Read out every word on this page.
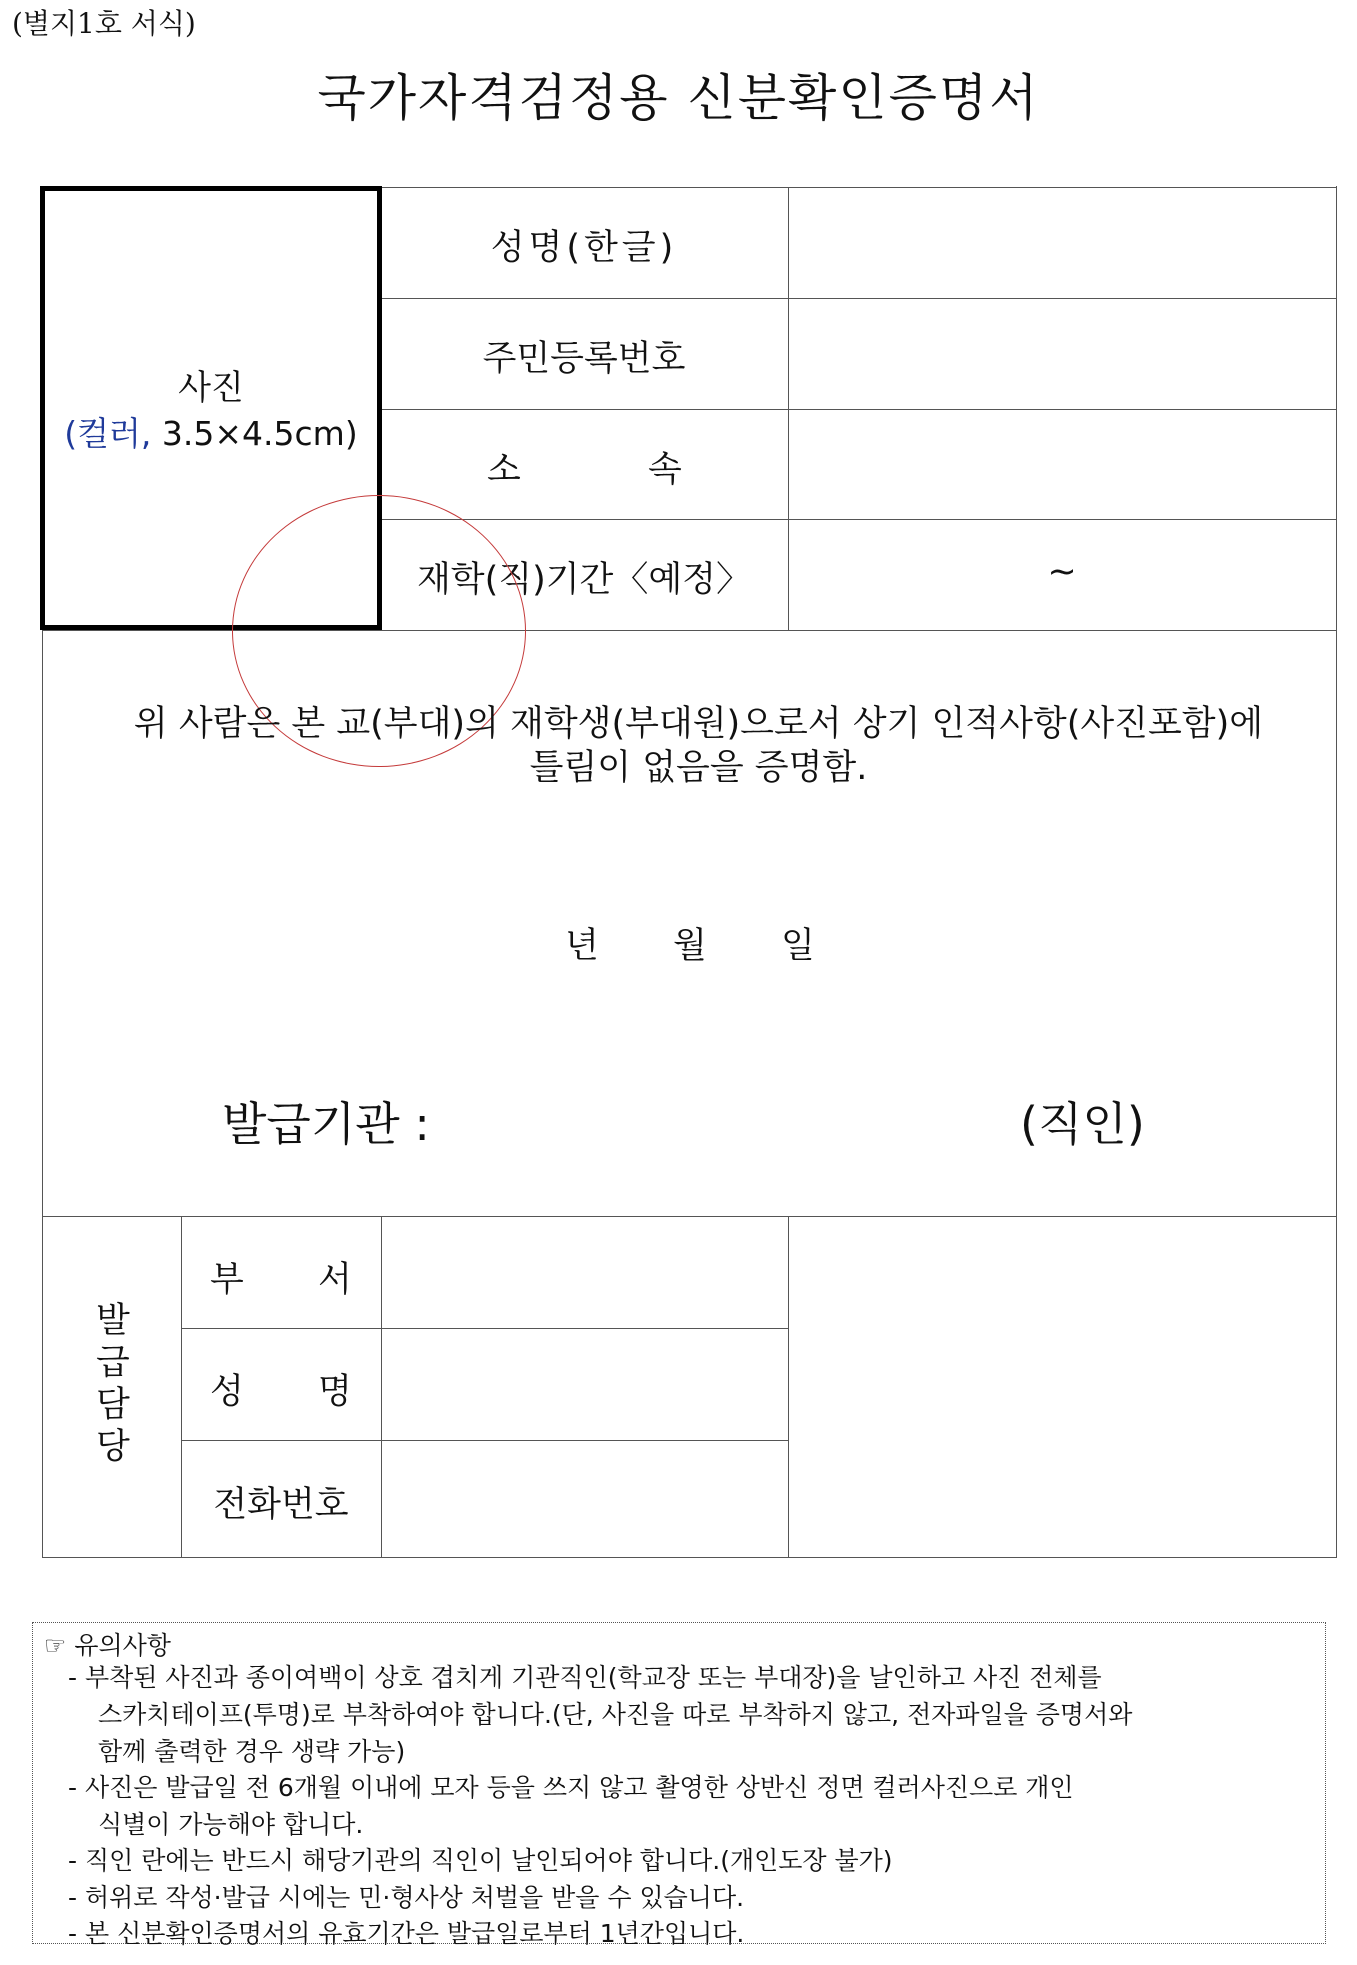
(별지1호 서식)
국가자격검정용 신분확인증명서
사진
(컬러, 3.5×4.5cm)
성명(한글)
주민등록번호
소	속
재학(직)기간〈예정〉	~
위 사람은 본 교(부대)의 재학생(부대원)으로서 상기 인적사항(사진포함)에
틀림이 없음을 증명함.
년 월 일
발급기관 :	(직인)
발
급
담
당
부 서
성 명
전화번호
☞ 유의사항
- 부착된 사진과 종이여백이 상호 겹치게 기관직인(학교장 또는 부대장)을 날인하고 사진 전체를
스카치테이프(투명)로 부착하여야 합니다.(단, 사진을 따로 부착하지 않고, 전자파일을 증명서와
함께 출력한 경우 생략 가능)
- 사진은 발급일 전 6개월 이내에 모자 등을 쓰지 않고 촬영한 상반신 정면 컬러사진으로 개인
식별이 가능해야 합니다.
- 직인 란에는 반드시 해당기관의 직인이 날인되어야 합니다.(개인도장 불가)
- 허위로 작성·발급 시에는 민·형사상 처벌을 받을 수 있습니다.
- 본 신분확인증명서의 유효기간은 발급일로부터 1년간입니다.
